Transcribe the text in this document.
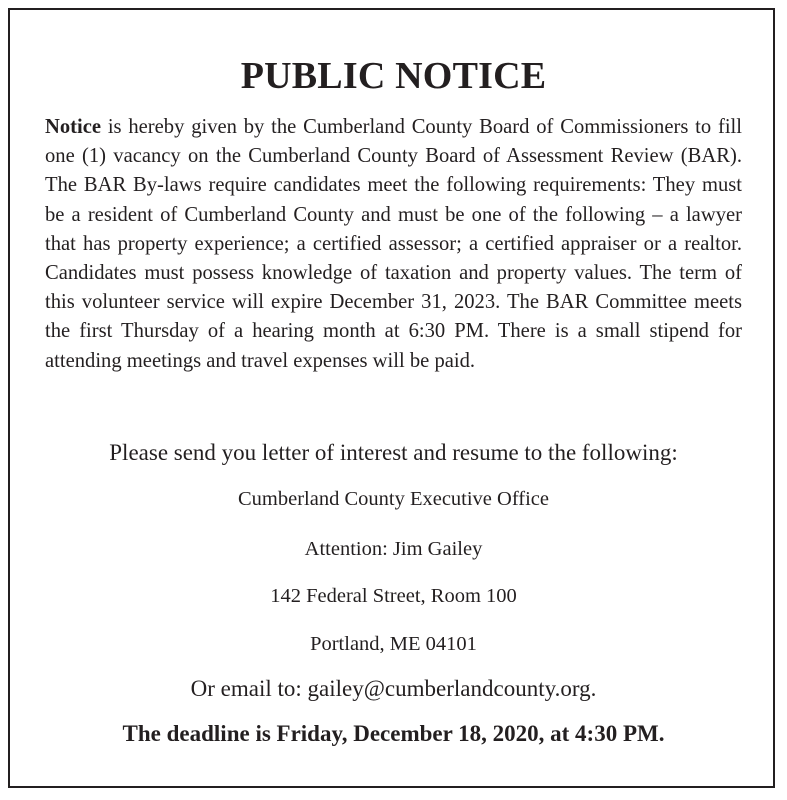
PUBLIC NOTICE
Notice is hereby given by the Cumberland County Board of Commissioners to fill one (1) vacancy on the Cumberland County Board of Assessment Review (BAR). The BAR By-laws require candidates meet the following requirements: They must be a resident of Cumberland County and must be one of the following – a lawyer that has property experience; a certified assessor; a certified appraiser or a realtor. Candidates must possess knowledge of taxation and property values. The term of this volunteer service will expire December 31, 2023. The BAR Committee meets the first Thursday of a hearing month at 6:30 PM. There is a small stipend for attending meetings and travel expenses will be paid.
Please send you letter of interest and resume to the following:
Cumberland County Executive Office
Attention: Jim Gailey
142 Federal Street, Room 100
Portland, ME 04101
Or email to: gailey@cumberlandcounty.org.
The deadline is Friday, December 18, 2020, at 4:30 PM.
